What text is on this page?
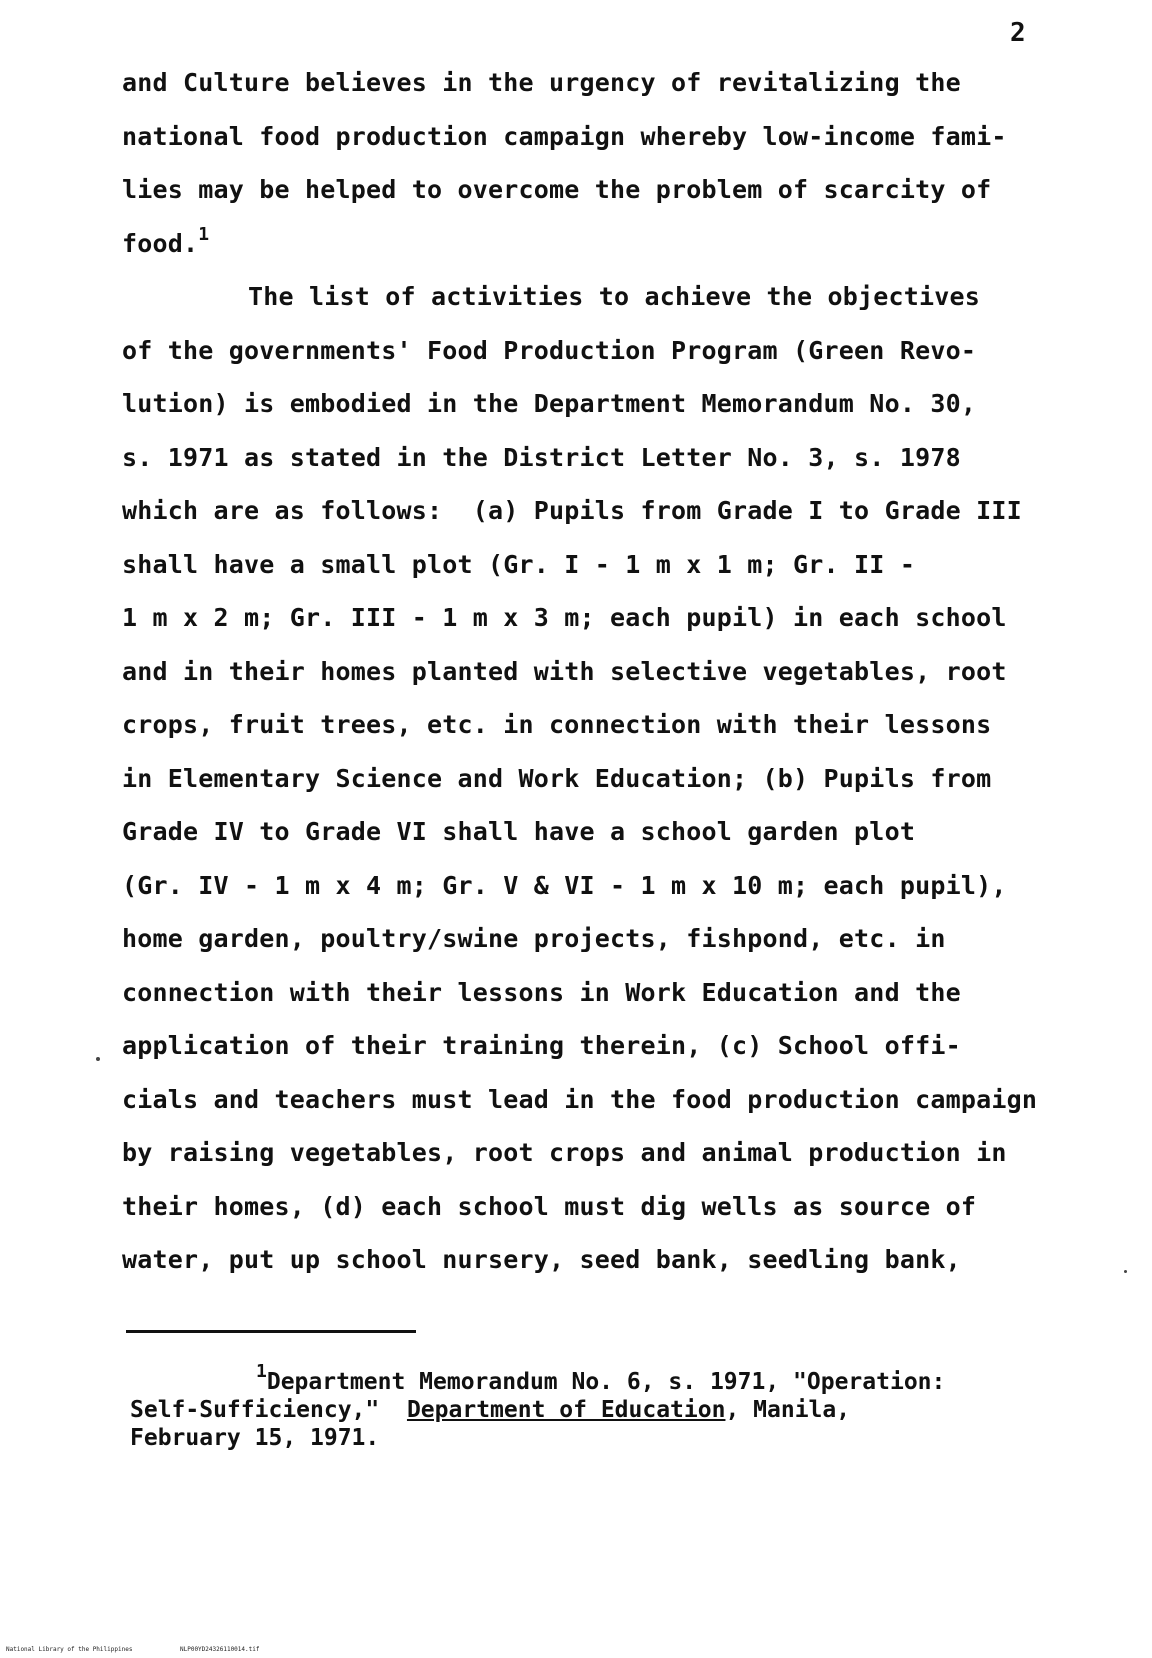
2
and Culture believes in the urgency of revitalizing the
national food production campaign whereby low-income fami-
lies may be helped to overcome the problem of scarcity of
food.$^1$
The list of activities to achieve the objectives
of the governments' Food Production Program (Green Revo-
lution) is embodied in the Department Memorandum No. 30,
s. 1971 as stated in the District Letter No. 3, s. 1978
which are as follows:  (a) Pupils from Grade I to Grade III
shall have a small plot (Gr. I - 1 m x 1 m; Gr. II -
1 m x 2 m; Gr. III - 1 m x 3 m; each pupil) in each school
and in their homes planted with selective vegetables, root
crops, fruit trees, etc. in connection with their lessons
in Elementary Science and Work Education; (b) Pupils from
Grade IV to Grade VI shall have a school garden plot
(Gr. IV - 1 m x 4 m; Gr. V & VI - 1 m x 10 m; each pupil),
home garden, poultry/swine projects, fishpond, etc. in
connection with their lessons in Work Education and the
application of their training therein, (c) School offi-
cials and teachers must lead in the food production campaign
by raising vegetables, root crops and animal production in
their homes, (d) each school must dig wells as source of
water, put up school nursery, seed bank, seedling bank,
$^1$Department Memorandum No. 6, s. 1971, "Operation:
Self-Sufficiency,"  Department of Education, Manila,
February 15, 1971.
National Library of the Philippines	NLP00YD24326110014.tif
